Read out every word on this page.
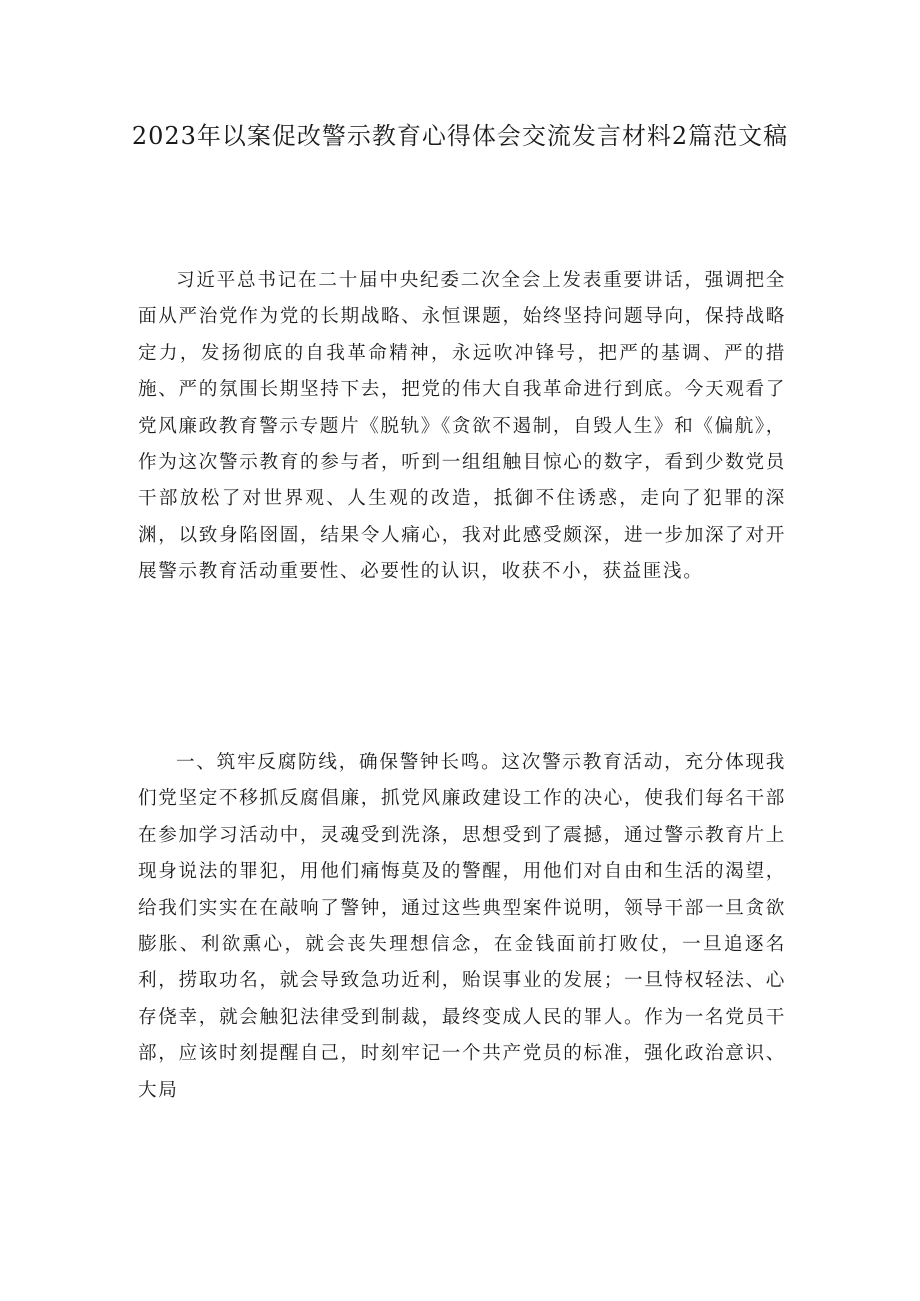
2023年以案促改警示教育心得体会交流发言材料2篇范文稿

习近平总书记在二十届中央纪委二次全会上发表重要讲话，强调把全面从严治党作为党的长期战略、永恒课题，始终坚持问题导向，保持战略定力，发扬彻底的自我革命精神，永远吹冲锋号，把严的基调、严的措施、严的氛围长期坚持下去，把党的伟大自我革命进行到底。今天观看了党风廉政教育警示专题片《脱轨》《贪欲不遏制，自毁人生》和《偏航》，作为这次警示教育的参与者，听到一组组触目惊心的数字，看到少数党员干部放松了对世界观、人生观的改造，抵御不住诱惑，走向了犯罪的深渊，以致身陷囹圄，结果令人痛心，我对此感受颇深，进一步加深了对开展警示教育活动重要性、必要性的认识，收获不小，获益匪浅。

一、筑牢反腐防线，确保警钟长鸣。这次警示教育活动，充分体现我们党坚定不移抓反腐倡廉，抓党风廉政建设工作的决心，使我们每名干部在参加学习活动中，灵魂受到洗涤，思想受到了震撼，通过警示教育片上现身说法的罪犯，用他们痛悔莫及的警醒，用他们对自由和生活的渴望，给我们实实在在敲响了警钟，通过这些典型案件说明，领导干部一旦贪欲膨胀、利欲熏心，就会丧失理想信念，在金钱面前打败仗，一旦追逐名利，捞取功名，就会导致急功近利，贻误事业的发展；一旦恃权轻法、心存侥幸，就会触犯法律受到制裁，最终变成人民的罪人。作为一名党员干部，应该时刻提醒自己，时刻牢记一个共产党员的标准，强化政治意识、大局
